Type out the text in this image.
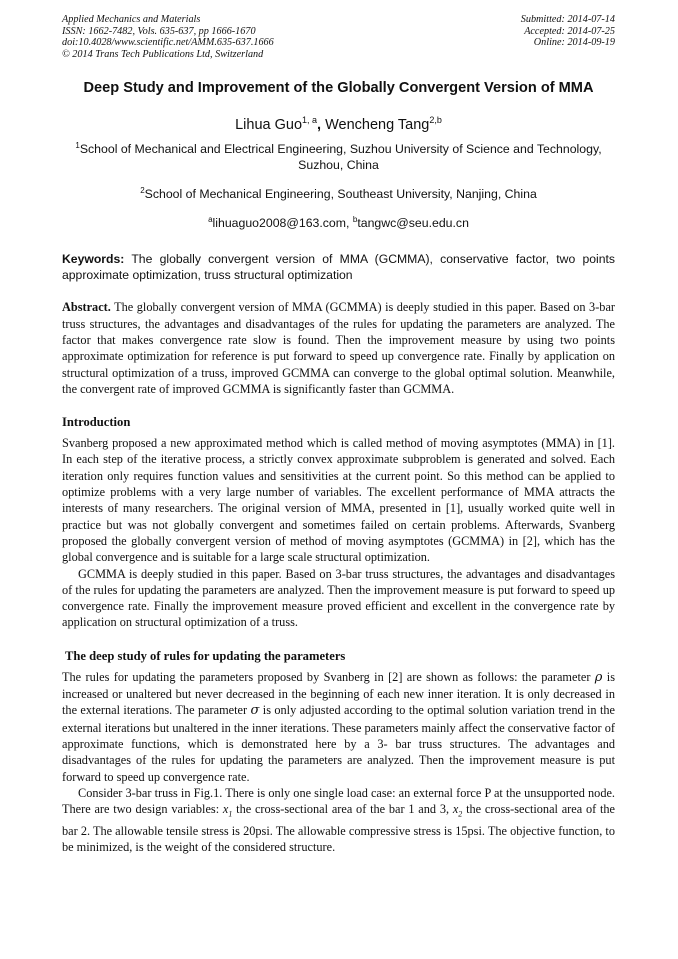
Applied Mechanics and Materials
ISSN: 1662-7482, Vols. 635-637, pp 1666-1670
doi:10.4028/www.scientific.net/AMM.635-637.1666
© 2014 Trans Tech Publications Ltd, Switzerland
Submitted: 2014-07-14
Accepted: 2014-07-25
Online: 2014-09-19
Deep Study and Improvement of the Globally Convergent Version of MMA
Lihua Guo$^{1, a}$, Wencheng Tang$^{2,b}$
$^1$School of Mechanical and Electrical Engineering, Suzhou University of Science and Technology, Suzhou, China
$^2$School of Mechanical Engineering, Southeast University, Nanjing, China
$^a$lihuaguo2008@163.com, $^b$tangwc@seu.edu.cn
Keywords: The globally convergent version of MMA (GCMMA), conservative factor, two points approximate optimization, truss structural optimization

Abstract. The globally convergent version of MMA (GCMMA) is deeply studied in this paper. Based on 3-bar truss structures, the advantages and disadvantages of the rules for updating the parameters are analyzed. The factor that makes convergence rate slow is found. Then the improvement measure by using two points approximate optimization for reference is put forward to speed up convergence rate. Finally by application on structural optimization of a truss, improved GCMMA can converge to the global optimal solution. Meanwhile, the convergent rate of improved GCMMA is significantly faster than GCMMA.

Introduction

Svanberg proposed a new approximated method which is called method of moving asymptotes (MMA) in [1]. In each step of the iterative process, a strictly convex approximate subproblem is generated and solved. Each iteration only requires function values and sensitivities at the current point. So this method can be applied to optimize problems with a very large number of variables. The excellent performance of MMA attracts the interests of many researchers. The original version of MMA, presented in [1], usually worked quite well in practice but was not globally convergent and sometimes failed on certain problems. Afterwards, Svanberg proposed the globally convergent version of method of moving asymptotes (GCMMA) in [2], which has the global convergence and is suitable for a large scale structural optimization.

GCMMA is deeply studied in this paper. Based on 3-bar truss structures, the advantages and disadvantages of the rules for updating the parameters are analyzed. Then the improvement measure is put forward to speed up convergence rate. Finally the improvement measure proved efficient and excellent in the convergence rate by application on structural optimization of a truss.

The deep study of rules for updating the parameters

The rules for updating the parameters proposed by Svanberg in [2] are shown as follows: the parameter ρ is increased or unaltered but never decreased in the beginning of each new inner iteration. It is only decreased in the external iterations. The parameter σ is only adjusted according to the optimal solution variation trend in the external iterations but unaltered in the inner iterations. These parameters mainly affect the conservative factor of approximate functions, which is demonstrated here by a 3- bar truss structures. The advantages and disadvantages of the rules for updating the parameters are analyzed. Then the improvement measure is put forward to speed up convergence rate.

Consider 3-bar truss in Fig.1. There is only one single load case: an external force P at the unsupported node. There are two design variables: $x_1$ the cross-sectional area of the bar 1 and 3, $x_2$ the cross-sectional area of the bar 2. The allowable tensile stress is 20psi. The allowable compressive stress is 15psi. The objective function, to be minimized, is the weight of the considered structure.
